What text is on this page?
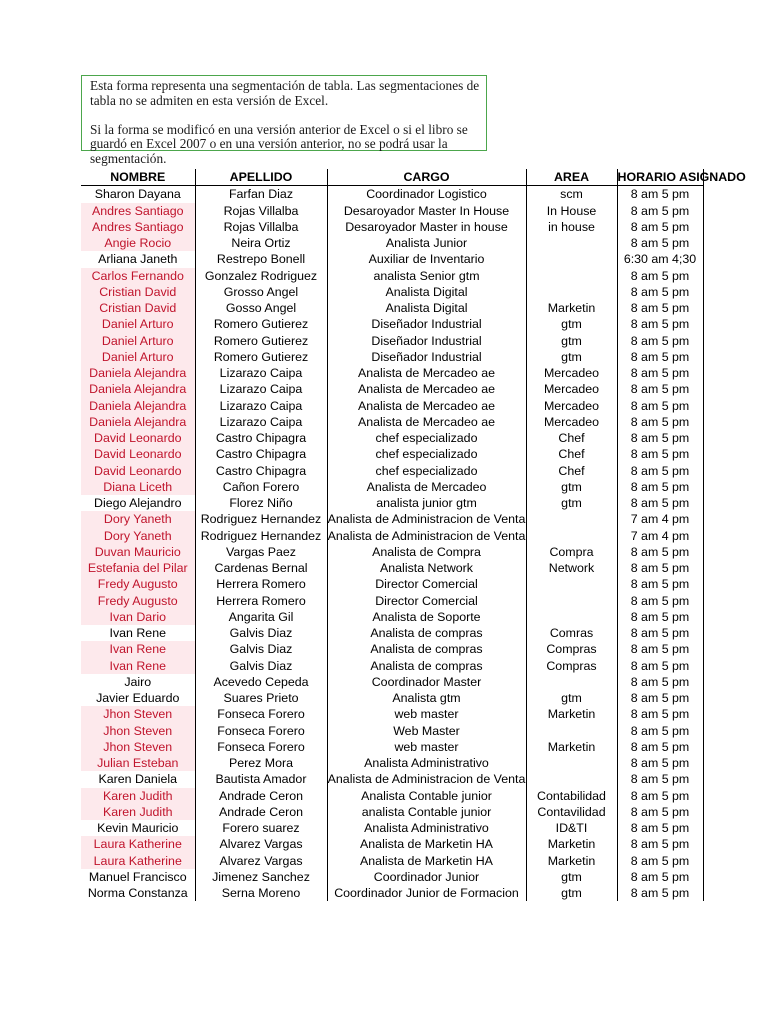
Esta forma representa una segmentación de tabla. Las segmentaciones de tabla no se admiten en esta versión de Excel.

Si la forma se modificó en una versión anterior de Excel o si el libro se guardó en Excel 2007 o en una versión anterior, no se podrá usar la segmentación.

NOMBRE	APELLIDO	CARGO	AREA	HORARIO ASIGNADO
Sharon Dayana	Farfan Diaz	Coordinador Logistico	scm	8 am 5 pm
Andres Santiago	Rojas Villalba	Desaroyador Master In House	In House	8 am 5 pm
Andres Santiago	Rojas Villalba	Desaroyador Master in house	in house	8 am 5 pm
Angie Rocio	Neira Ortiz	Analista Junior		8 am 5 pm
Arliana Janeth	Restrepo Bonell	Auxiliar de Inventario		6:30 am 4;30
Carlos Fernando	Gonzalez Rodriguez	analista Senior gtm		8 am 5 pm
Cristian David	Grosso Angel	Analista Digital		8 am 5 pm
Cristian David	Gosso Angel	Analista Digital	Marketin	8 am 5 pm
Daniel Arturo	Romero Gutierez	Diseñador Industrial	gtm	8 am 5 pm
Daniel Arturo	Romero Gutierez	Diseñador Industrial	gtm	8 am 5 pm
Daniel Arturo	Romero Gutierez	Diseñador Industrial	gtm	8 am 5 pm
Daniela Alejandra	Lizarazo Caipa	Analista de Mercadeo ae	Mercadeo	8 am 5 pm
Daniela Alejandra	Lizarazo Caipa	Analista de Mercadeo ae	Mercadeo	8 am 5 pm
Daniela Alejandra	Lizarazo Caipa	Analista de Mercadeo ae	Mercadeo	8 am 5 pm
Daniela Alejandra	Lizarazo Caipa	Analista de Mercadeo ae	Mercadeo	8 am 5 pm
David Leonardo	Castro Chipagra	chef especializado	Chef	8 am 5 pm
David Leonardo	Castro Chipagra	chef especializado	Chef	8 am 5 pm
David Leonardo	Castro Chipagra	chef especializado	Chef	8 am 5 pm
Diana Liceth	Cañon Forero	Analista de Mercadeo	gtm	8 am 5 pm
Diego Alejandro	Florez Niño	analista junior gtm	gtm	8 am 5 pm
Dory Yaneth	Rodriguez Hernandez	Analista de Administracion de Venta		7 am 4 pm
Dory Yaneth	Rodriguez Hernandez	Analista de Administracion de Venta		7 am 4 pm
Duvan Mauricio	Vargas Paez	Analista de Compra	Compra	8 am 5 pm
Estefania del Pilar	Cardenas Bernal	Analista Network	Network	8 am 5 pm
Fredy Augusto	Herrera Romero	Director Comercial		8 am 5 pm
Fredy Augusto	Herrera Romero	Director Comercial		8 am 5 pm
Ivan Dario	Angarita Gil	Analista de Soporte		8 am 5 pm
Ivan Rene	Galvis Diaz	Analista de compras	Comras	8 am 5 pm
Ivan Rene	Galvis Diaz	Analista de compras	Compras	8 am 5 pm
Ivan Rene	Galvis Diaz	Analista de compras	Compras	8 am 5 pm
Jairo	Acevedo Cepeda	Coordinador Master		8 am 5 pm
Javier Eduardo	Suares Prieto	Analista gtm	gtm	8 am 5 pm
Jhon Steven	Fonseca Forero	web master	Marketin	8 am 5 pm
Jhon Steven	Fonseca Forero	Web Master		8 am 5 pm
Jhon Steven	Fonseca Forero	web master	Marketin	8 am 5 pm
Julian Esteban	Perez Mora	Analista Administrativo		8 am 5 pm
Karen Daniela	Bautista Amador	Analista de Administracion de Venta		8 am 5 pm
Karen Judith	Andrade Ceron	Analista Contable junior	Contabilidad	8 am 5 pm
Karen Judith	Andrade Ceron	analista Contable junior	Contavilidad	8 am 5 pm
Kevin Mauricio	Forero suarez	Analista Administrativo	ID&TI	8 am 5 pm
Laura Katherine	Alvarez Vargas	Analista de Marketin HA	Marketin	8 am 5 pm
Laura Katherine	Alvarez Vargas	Analista de Marketin HA	Marketin	8 am 5 pm
Manuel Francisco	Jimenez Sanchez	Coordinador Junior	gtm	8 am 5 pm
Norma Constanza	Serna Moreno	Coordinador Junior de Formacion	gtm	8 am 5 pm
